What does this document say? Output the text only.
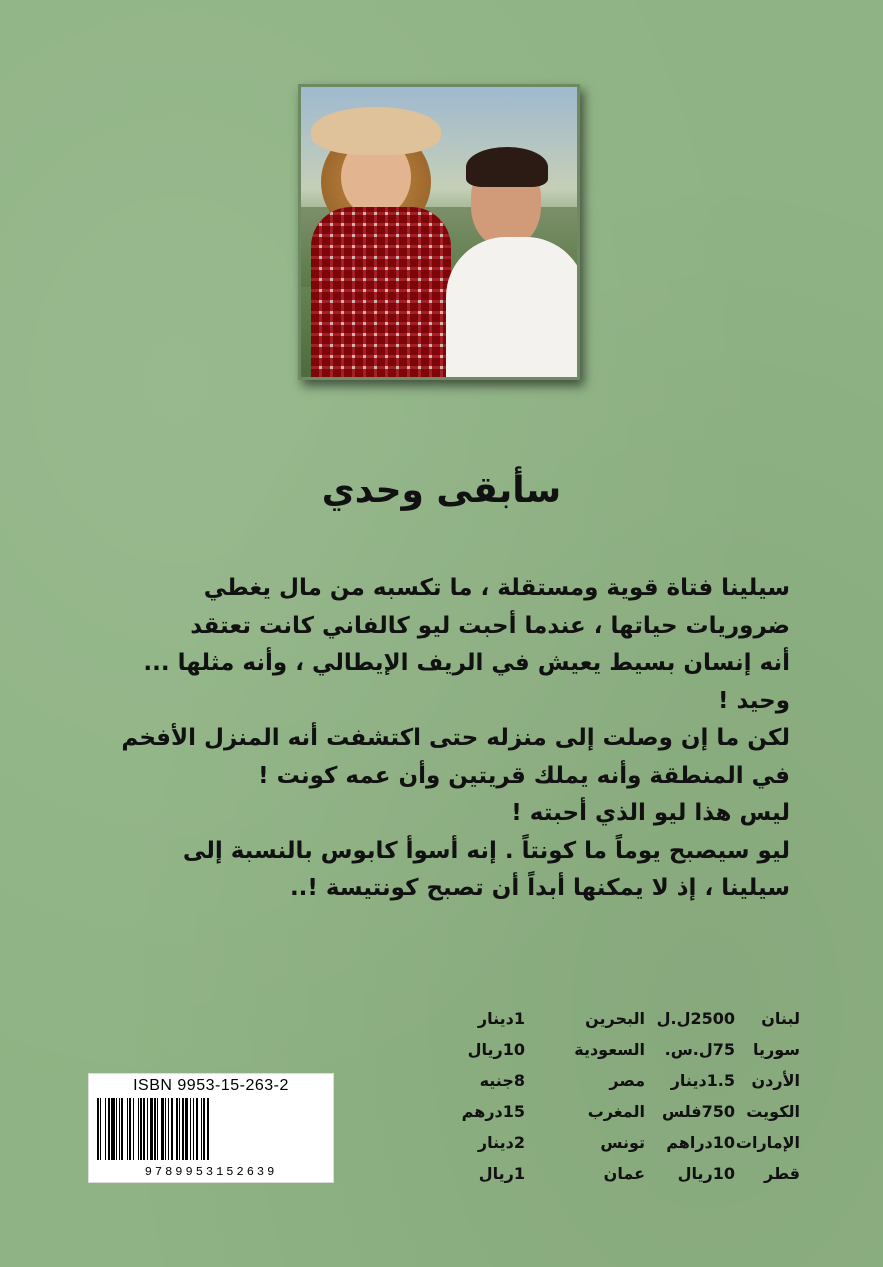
سأبقى وحدي

سيلينا فتاة قوية ومستقلة ، ما تكسبه من مال يغطي

ضروريات حياتها ، عندما أحبت ليو كالفاني كانت تعتقد

أنه إنسان بسيط يعيش في الريف الإيطالي ، وأنه مثلها ...

وحيد !

لكن ما إن وصلت إلى منزله حتى اكتشفت أنه المنزل الأفخم

في المنطقة وأنه يملك قريتين وأن عمه كونت !

ليس هذا ليو الذي أحبته !

ليو سيصبح يوماً ما كونتاً . إنه أسوأ كابوس بالنسبة إلى

سيلينا ، إذ لا يمكنها أبداً أن تصبح كونتيسة !..

لبنان
2500ل.ل
البحرين
1دينار
سوريا
75ل.س.
السعودية
10ريال
الأردن
1.5دينار
مصر
8جنيه
الكويت
750فلس
المغرب
15درهم
الإمارات
10دراهم
تونس
2دينار
قطر
10ريال
عمان
1ريال
ISBN 9953-15-263-2
9789953152639
